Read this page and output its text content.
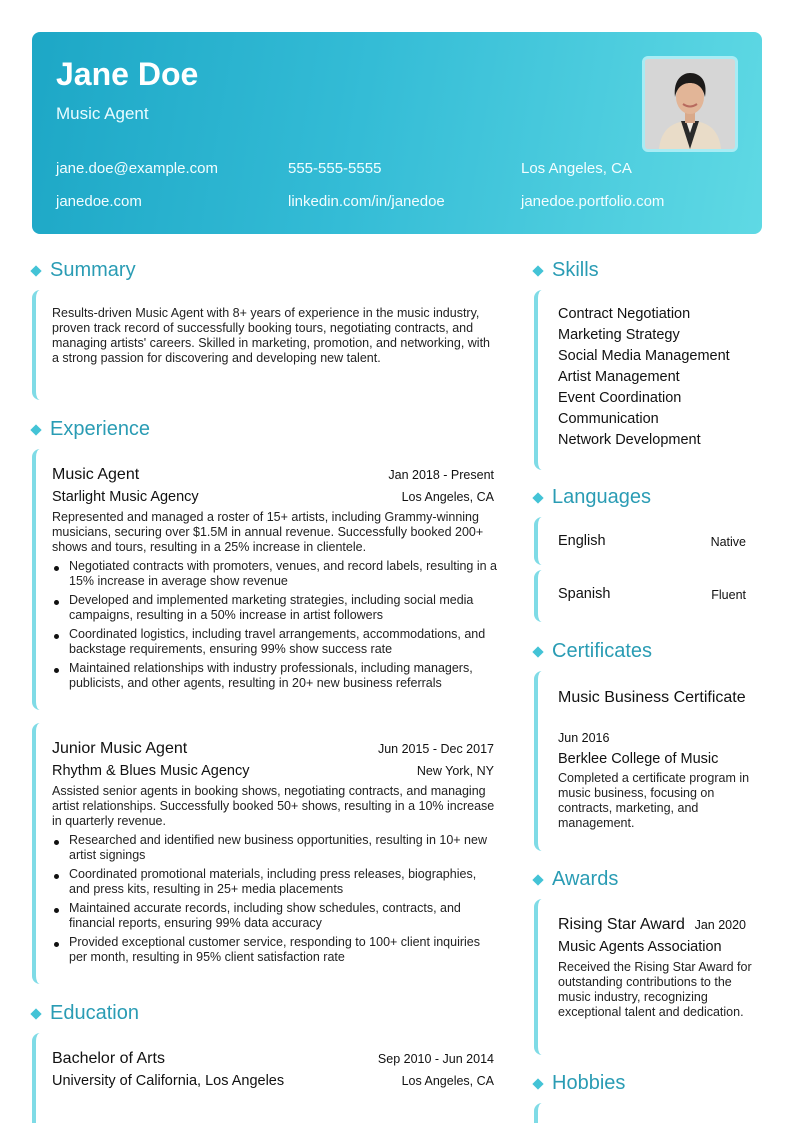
Jane Doe
Music Agent
jane.doe@example.com	555-555-5555	Los Angeles, CA
janedoe.com	linkedin.com/in/janedoe	janedoe.portfolio.com
Summary
Results-driven Music Agent with 8+ years of experience in the music industry, proven track record of successfully booking tours, negotiating contracts, and managing artists' careers. Skilled in marketing, promotion, and networking, with a strong passion for discovering and developing new talent.
Experience
Music Agent	Jan 2018 - Present
Starlight Music Agency	Los Angeles, CA
Represented and managed a roster of 15+ artists, including Grammy-winning musicians, securing over $1.5M in annual revenue. Successfully booked 200+ shows and tours, resulting in a 25% increase in clientele.
Negotiated contracts with promoters, venues, and record labels, resulting in a 15% increase in average show revenue
Developed and implemented marketing strategies, including social media campaigns, resulting in a 50% increase in artist followers
Coordinated logistics, including travel arrangements, accommodations, and backstage requirements, ensuring 99% show success rate
Maintained relationships with industry professionals, including managers, publicists, and other agents, resulting in 20+ new business referrals
Junior Music Agent	Jun 2015 - Dec 2017
Rhythm & Blues Music Agency	New York, NY
Assisted senior agents in booking shows, negotiating contracts, and managing artist relationships. Successfully booked 50+ shows, resulting in a 10% increase in quarterly revenue.
Researched and identified new business opportunities, resulting in 10+ new artist signings
Coordinated promotional materials, including press releases, biographies, and press kits, resulting in 25+ media placements
Maintained accurate records, including show schedules, contracts, and financial reports, ensuring 99% data accuracy
Provided exceptional customer service, responding to 100+ client inquiries per month, resulting in 95% client satisfaction rate
Education
Bachelor of Arts	Sep 2010 - Jun 2014
University of California, Los Angeles	Los Angeles, CA
Skills
Contract Negotiation
Marketing Strategy
Social Media Management
Artist Management
Event Coordination
Communication
Network Development
Languages
English	Native
Spanish	Fluent
Certificates
Music Business Certificate
Jun 2016
Berklee College of Music
Completed a certificate program in music business, focusing on contracts, marketing, and management.
Awards
Rising Star Award Jan 2020
Music Agents Association
Received the Rising Star Award for outstanding contributions to the music industry, recognizing exceptional talent and dedication.
Hobbies
